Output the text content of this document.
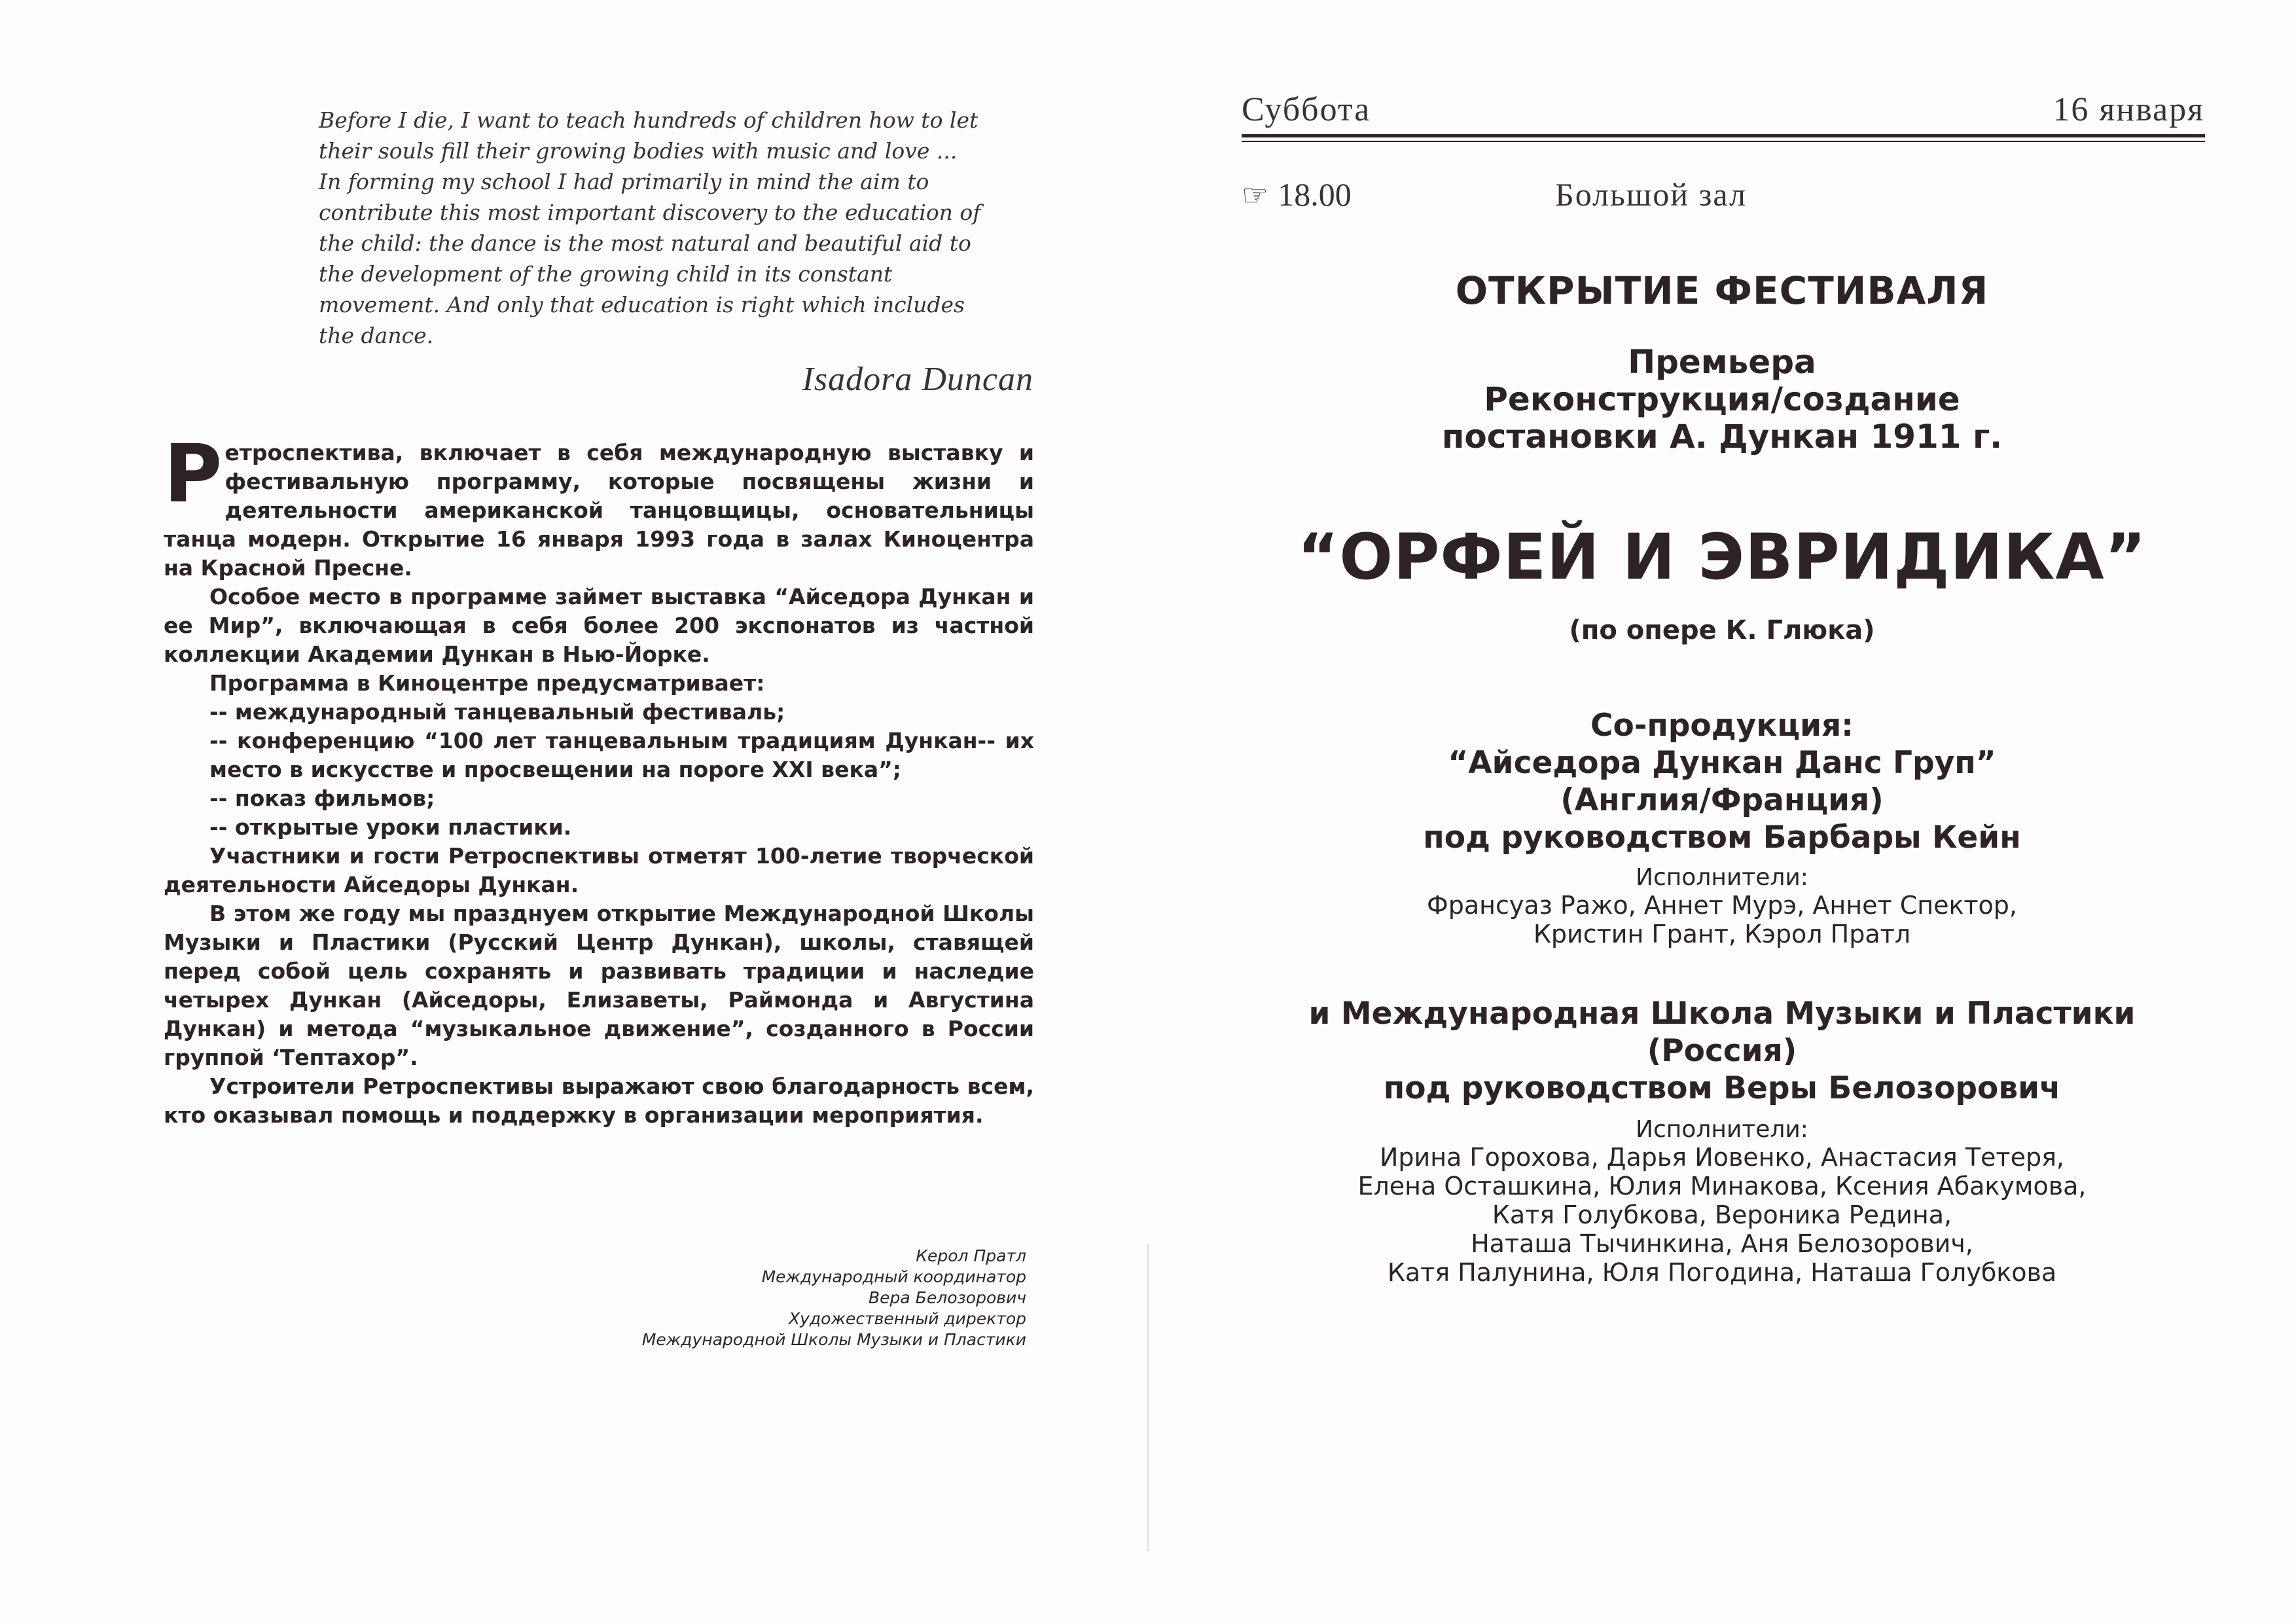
Before I die, I want to teach hundreds of children how to let
their souls fill their growing bodies with music and love ...
In forming my school I had primarily in mind the aim to
contribute this most important discovery to the education of
the child: the dance is the most natural and beautiful aid to
the development of the growing child in its constant
movement. And only that education is right which includes
the dance.
Isadora Duncan

Ретроспектива, включает в себя международную выставку и фестивальную программу, которые посвящены жизни и деятельности американской танцовщицы, основательницы танца модерн. Открытие 16 января 1993 года в залах Киноцентра на Красной Пресне.

Особое место в программе займет выставка “Айседора Дункан и ее Мир”, включающая в себя более 200 экспонатов из частной коллекции Академии Дункан в Нью-Йорке.

Программа в Киноцентре предусматривает:

-- международный танцевальный фестиваль;

-- конференцию “100 лет танцевальным традициям Дункан-- их место в искусстве и просвещении на пороге XXI века”;

-- показ фильмов;

-- открытые уроки пластики.

Участники и гости Ретроспективы отметят 100-летие творческой деятельности Айседоры Дункан.

В этом же году мы празднуем открытие Международной Школы Музыки и Пластики (Русский Центр Дункан), школы, ставящей перед собой цель сохранять и развивать традиции и наследие четырех Дункан (Айседоры, Елизаветы, Раймонда и Августина Дункан) и метода “музыкальное движение”, созданного в России группой ‘Тептахор”.

Устроители Ретроспективы выражают свою благодарность всем, кто оказывал помощь и поддержку в организации мероприятия.

Керол Пратл
Международный координатор
Вера Белозорович
Художественный директор
Международной Школы Музыки и Пластики
Суббота	16 января
☞ 18.00	Большой зал
ОТКРЫТИЕ ФЕСТИВАЛЯ
Премьера
Реконструкция/создание
постановки А. Дункан 1911 г.
“ОРФЕЙ И ЭВРИДИКА”
(по опере К. Глюка)
Со-продукция:
“Айседора Дункан Данс Груп”
(Англия/Франция)
под руководством Барбары Кейн
Исполнители:
Франсуаз Ражо, Аннет Мурэ, Аннет Спектор,
Кристин Грант, Кэрол Пратл
и Международная Школа Музыки и Пластики
(Россия)
под руководством Веры Белозорович
Исполнители:
Ирина Горохова, Дарья Иовенко, Анастасия Тетеря,
Елена Осташкина, Юлия Минакова, Ксения Абакумова,
Катя Голубкова, Вероника Редина,
Наташа Тычинкина, Аня Белозорович,
Катя Палунина, Юля Погодина, Наташа Голубкова
